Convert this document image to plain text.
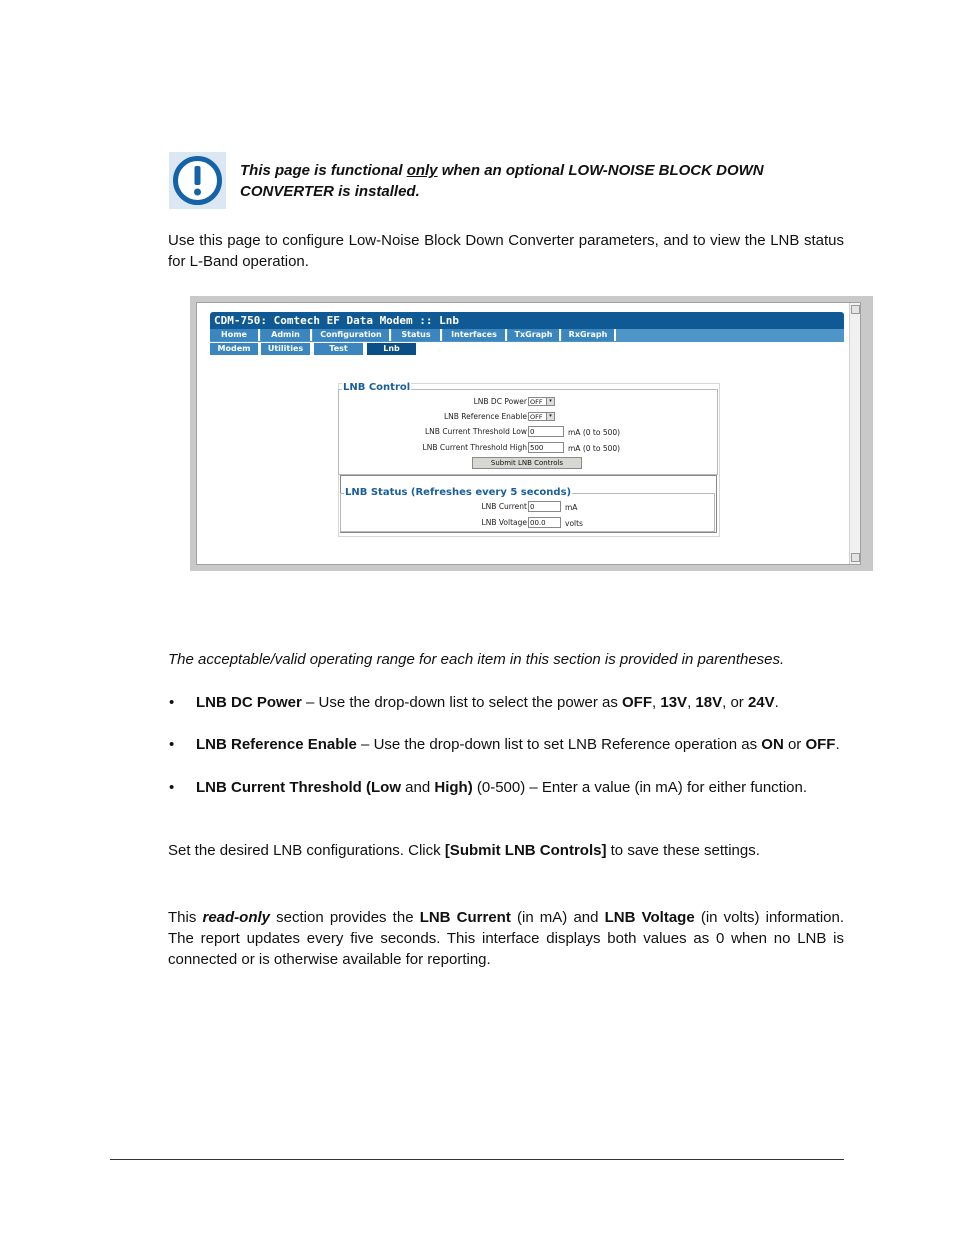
This page is functional only when an optional LOW-NOISE BLOCK DOWN CONVERTER is installed.
Use this page to configure Low-Noise Block Down Converter parameters, and to view the LNB status for L-Band operation.
CDM-750: Comtech EF Data Modem :: Lnb
Home	Admin	Configuration	Status	Interfaces	TxGraph	RxGraph
Modem	Utilities	Test	Lnb
LNB Control
LNB DC Power OFF	▾
LNB Reference Enable OFF	▾
LNB Current Threshold Low 0	mA (0 to 500)
LNB Current Threshold High 500	mA (0 to 500)
Submit LNB Controls
LNB Status (Refreshes every 5 seconds)
LNB Current 0	mA
LNB Voltage 00.0	volts
The acceptable/valid operating range for each item in this section is provided in parentheses.
• LNB DC Power – Use the drop-down list to select the power as OFF, 13V, 18V, or 24V.
• LNB Reference Enable – Use the drop-down list to set LNB Reference operation as ON or OFF.
• LNB Current Threshold (Low and High) (0-500) – Enter a value (in mA) for either function.
Set the desired LNB configurations. Click [Submit LNB Controls] to save these settings.
This read-only section provides the LNB Current (in mA) and LNB Voltage (in volts) information. The report updates every five seconds. This interface displays both values as 0 when no LNB is connected or is otherwise available for reporting.
